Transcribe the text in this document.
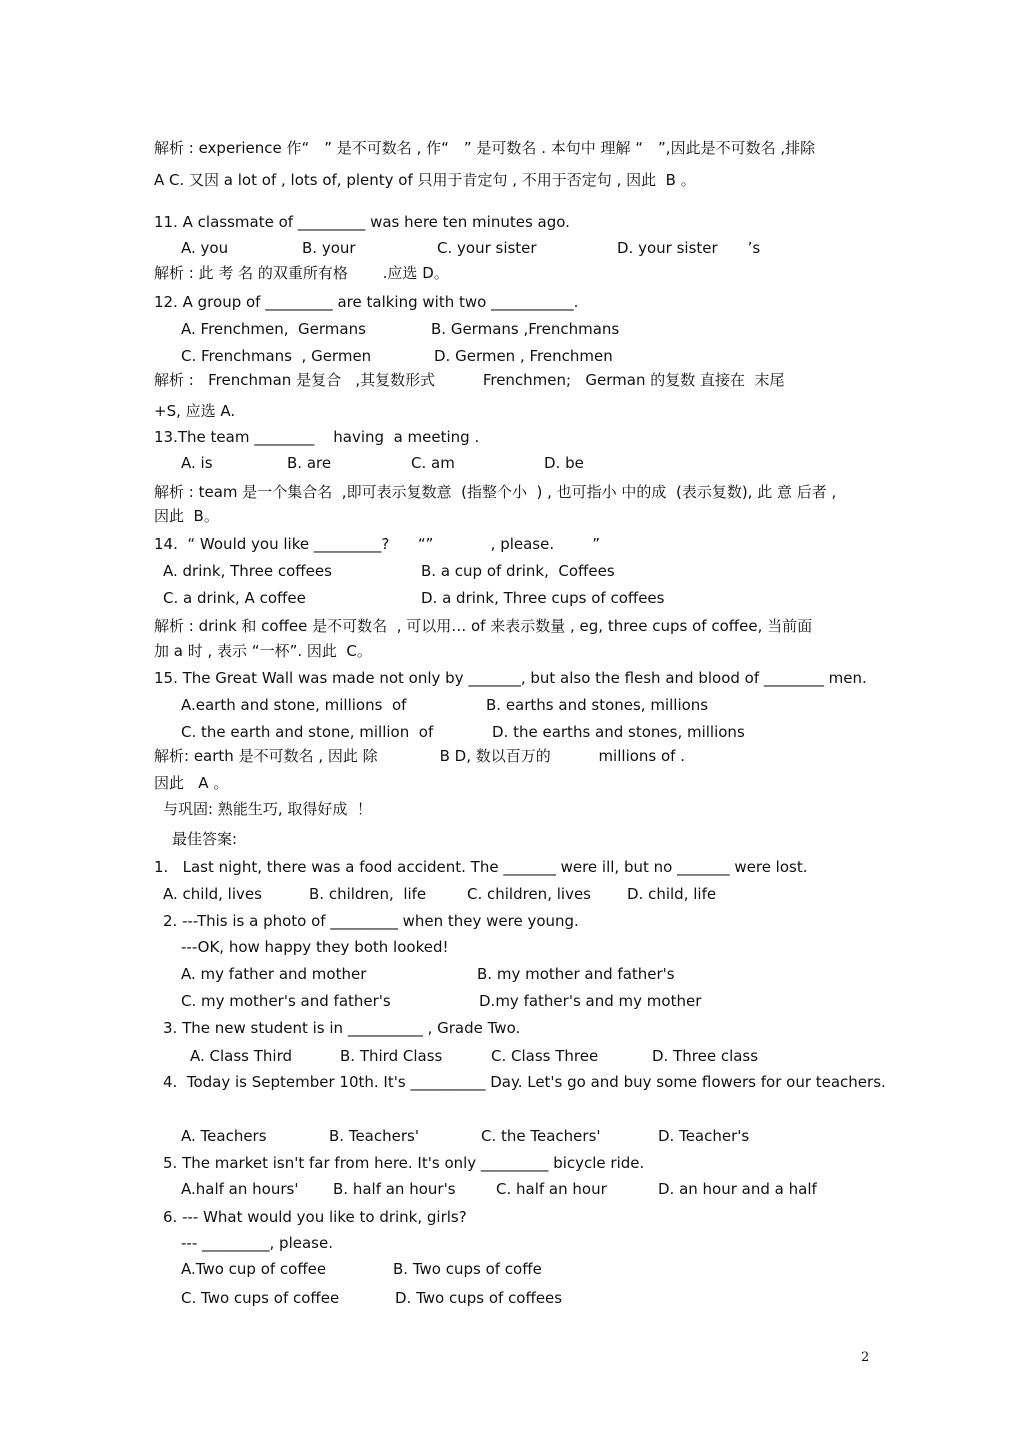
解析 : experience 作“　” 是不可数名 , 作“　” 是可数名 . 本句中 理解 “　”,因此是不可数名 ,排除
A C. 又因 a lot of , lots of, plenty of 只用于肯定句 , 不用于否定句 , 因此  B 。
11. A classmate of _________ was here ten minutes ago.
A. you	B. your	C. your sister	D. your sister　　’s
解析 : 此 考 名 的双重所有格　　 .应选 D。
12. A group of _________ are talking with two ___________.
A. Frenchmen,  Germans	B. Germans ,Frenchmans
C. Frenchmans  , Germen	D. Germen , Frenchmen
解析 :   Frenchman 是复合   ,其复数形式          Frenchmen;   German 的复数 直接在  末尾
+S, 应选 A.
13.The team ________    having  a meeting .
A. is	B. are	C. am	D. be
解析 : team 是一个集合名  ,即可表示复数意  (指整个小  ) , 也可指小 中的成  (表示复数), 此 意 后者 ,
因此  B。
14.  “ Would you like _________?      “”            , please.        ”
A. drink, Three coffees	B. a cup of drink,  Coffees
C. a drink, A coffee	D. a drink, Three cups of coffees
解析 : drink 和 coffee 是不可数名  , 可以用… of 来表示数量 , eg, three cups of coffee, 当前面
加 a 时 , 表示 “一杯”. 因此  C。
15. The Great Wall was made not only by _______, but also the flesh and blood of ________ men.
A.earth and stone, millions  of	B. earths and stones, millions
C. the earth and stone, million  of	D. the earths and stones, millions
解析: earth 是不可数名 , 因此 除             B D, 数以百万的          millions of .
因此   A 。
与巩固: 熟能生巧, 取得好成  ！
最佳答案:
1.   Last night, there was a food accident. The _______ were ill, but no _______ were lost.
A. child, lives	B. children,  life	C. children, lives D. child, life
2. ---This is a photo of _________ when they were young.
---OK, how happy they both looked!
A. my father and mother	B. my mother and father's
C. my mother's and father's	D.my father's and my mother
3. The new student is in __________ , Grade Two.
A. Class Third	B. Third Class	C. Class Three	D. Three class
4.  Today is September 10th. It's __________ Day. Let's go and buy some flowers for our teachers.
A. Teachers	B. Teachers'	C. the Teachers'	D. Teacher's
5. The market isn't far from here. It's only _________ bicycle ride.
A.half an hours' B. half an hour's	C. half an hour	D. an hour and a half
6. --- What would you like to drink, girls?
--- _________, please.
A.Two cup of coffee	B. Two cups of coffe
C. Two cups of coffee	D. Two cups of coffees
2
